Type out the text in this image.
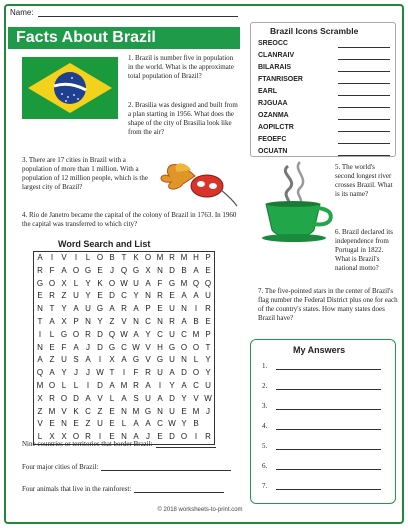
Name:
Facts About Brazil
1. Brazil is number five in population in the world. What is the approximate total population of Brazil?
2. Brasilia was designed and built from a plan starting in 1956. What does the shape of the city of Brasilia look like from the air?
3. There are 17 cities in Brazil with a population of more than 1 million. With a population of 12 million people, which is the largest city of Brazil?
4. Rio de Janetro became the capital of the colony of Brazil in 1763. In 1960 the capital was transferred to which city?
Brazil Icons Scramble
SREOCC
CLANRAIV
BILARAIS
FTANRISOER
EARL
RJGUAA
OZANMA
AOPILCTR
FEOEFC
OCUATN
5. The world's second longest river crosses Brazil. What is its name?
6. Brazil declared its independence from Portugal in 1822. What is Brazil's national motto?
7. The five-pointed stars in the center of Brazil's flag number the Federal District plus one for each of the country's states. How many states does Brazil have?
Word Search and List
A	I	V	I	L O B T K O M R M H P
R F A O G E J Q G X N D B A E
G O X L Y K O W U A F G M Q Q
E R Z U Y E D C Y N R E A A U
N T Y A U G A R A P E U N I	R
T A X P N Y Z V N C N R A B E
I	L G O R D Q W A Y C U C M P
N E F A J D G C W V H G O O T
A Z U S A	I	X A G V G U N L Y
Q A Y J	J W T	I	F R U A D O Y
M O L L	I	D A M R A	I	Y A C U
X R O D A V L A S U A D Y V W
Z M V K C Z E N M G N U E M J
V E N E Z U E L A A C W Y B
L X X O R I	E N A J E D O I	R
Nine countries or territories that border Brazil:
Four major cities of Brazil:
Four animals that live in the rainforest:
My Answers
1.
2.
3.
4.
5.
6.
7.
© 2018 worksheets-to-print.com
